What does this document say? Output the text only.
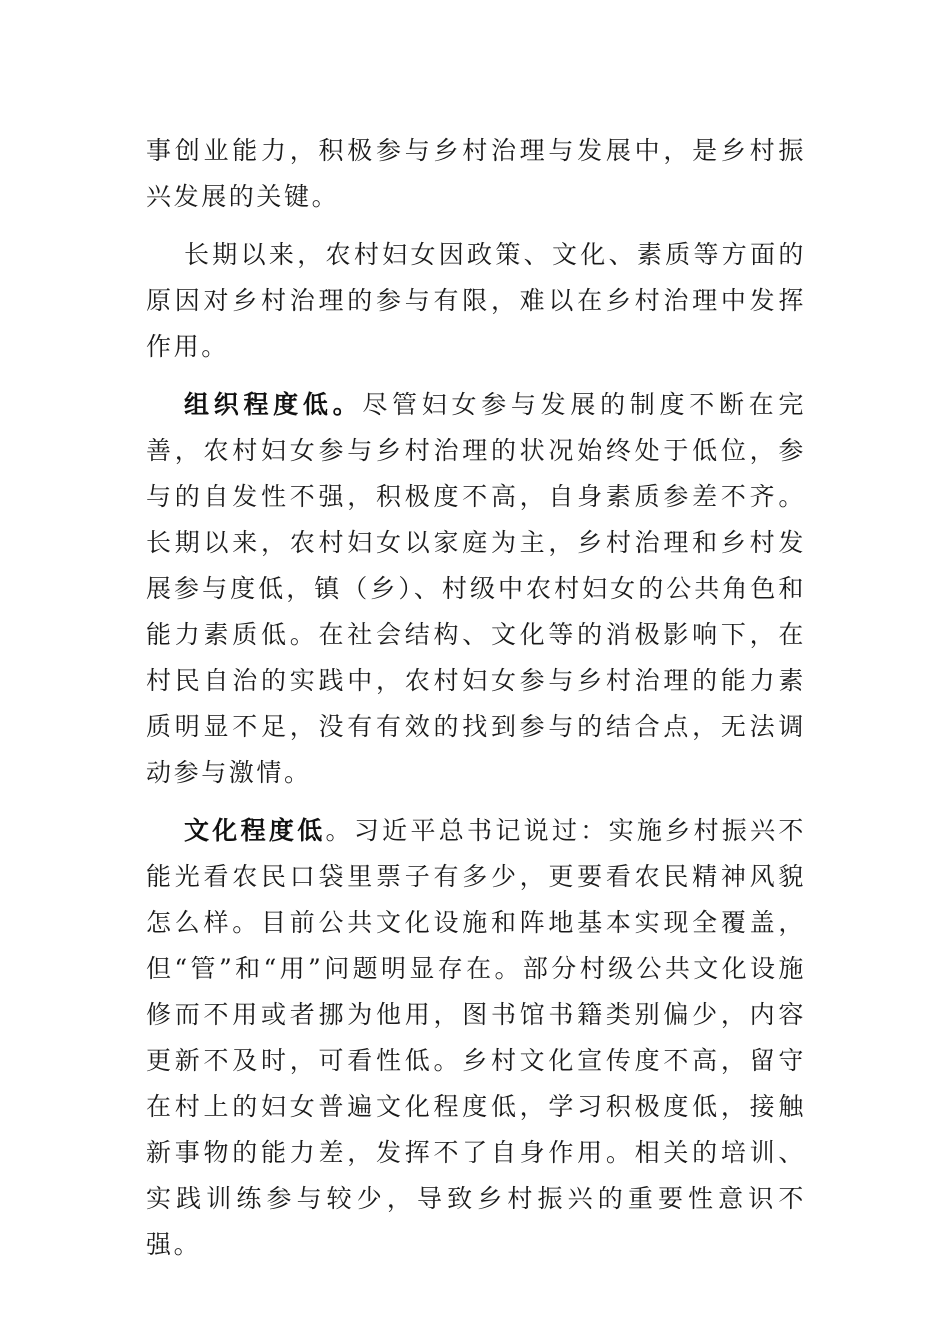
事创业能力，积极参与乡村治理与发展中，是乡村振兴发展的关键。

长期以来，农村妇女因政策、文化、素质等方面的原因对乡村治理的参与有限，难以在乡村治理中发挥作用。

组织程度低。尽管妇女参与发展的制度不断在完善，农村妇女参与乡村治理的状况始终处于低位，参与的自发性不强，积极度不高，自身素质参差不齐。长期以来，农村妇女以家庭为主，乡村治理和乡村发展参与度低，镇（乡）、村级中农村妇女的公共角色和能力素质低。在社会结构、文化等的消极影响下，在村民自治的实践中，农村妇女参与乡村治理的能力素质明显不足，没有有效的找到参与的结合点，无法调动参与激情。

文化程度低。习近平总书记说过：实施乡村振兴不能光看农民口袋里票子有多少，更要看农民精神风貌怎么样。目前公共文化设施和阵地基本实现全覆盖，但“管”和“用”问题明显存在。部分村级公共文化设施修而不用或者挪为他用，图书馆书籍类别偏少，内容更新不及时，可看性低。乡村文化宣传度不高，留守在村上的妇女普遍文化程度低，学习积极度低，接触新事物的能力差，发挥不了自身作用。相关的培训、实践训练参与较少，导致乡村振兴的重要性意识不强。
